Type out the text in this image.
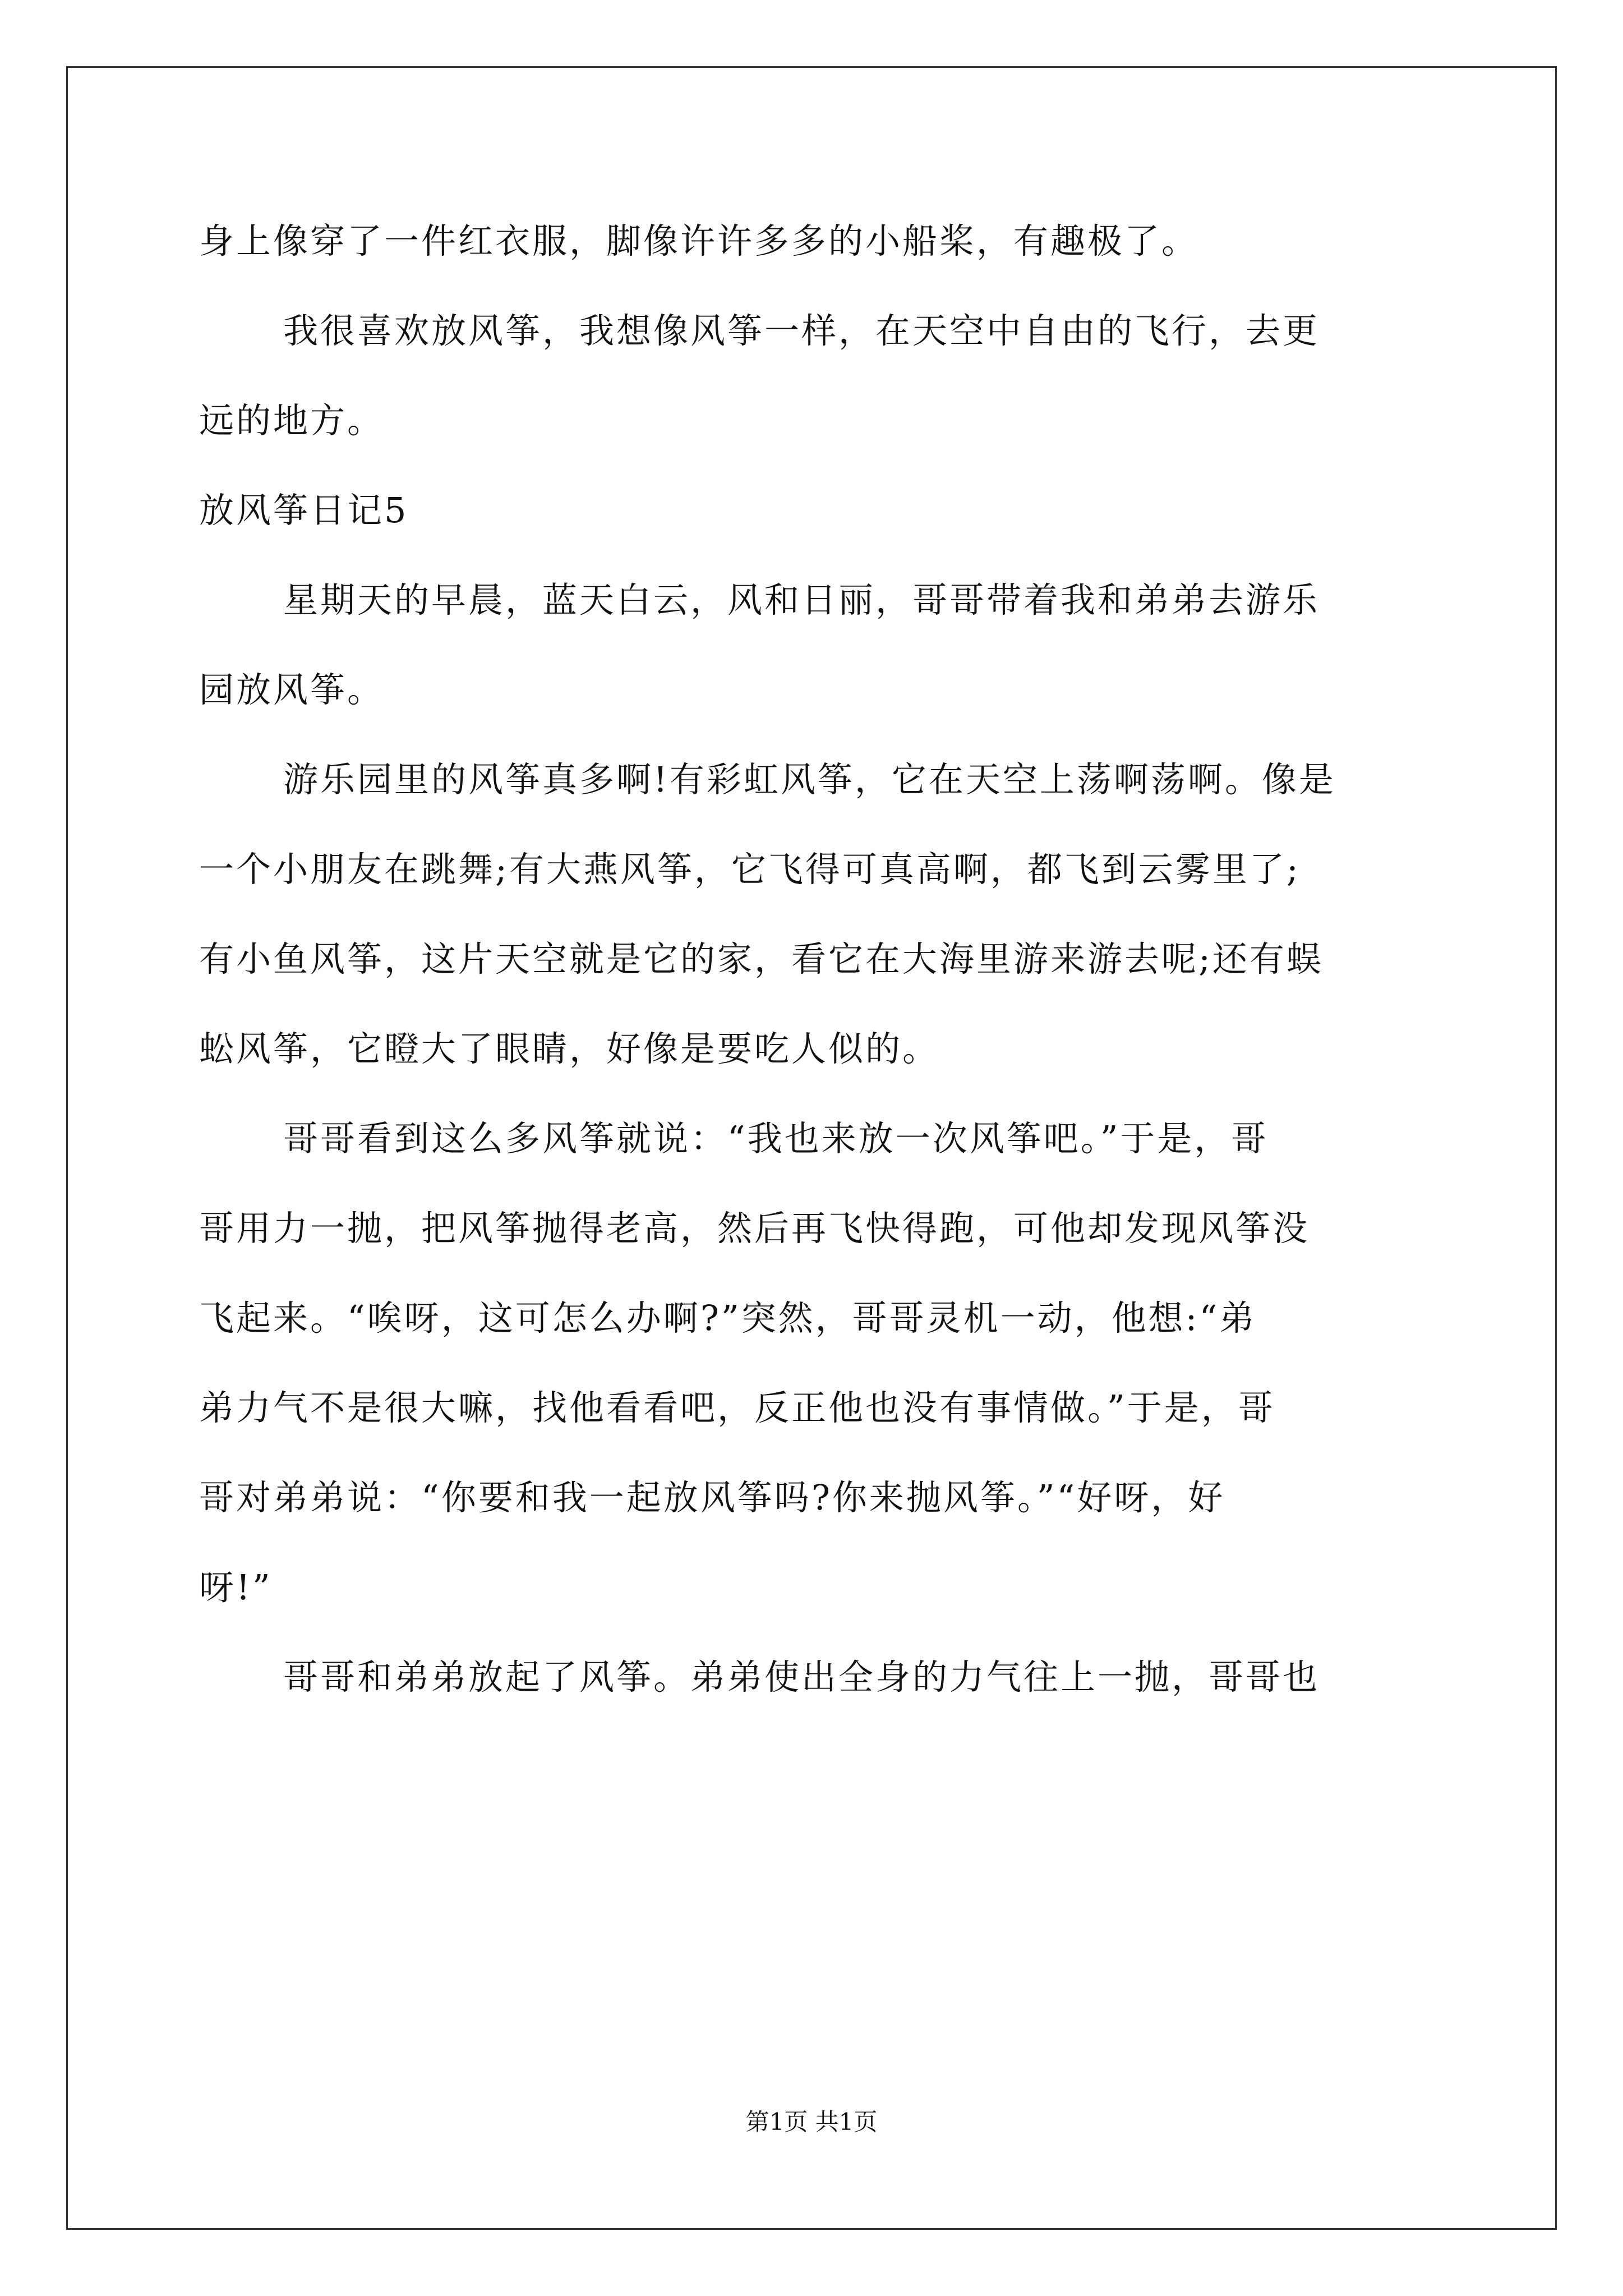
身上像穿了一件红衣服，脚像许许多多的小船桨，有趣极了。
我很喜欢放风筝，我想像风筝一样，在天空中自由的飞行，去更
远的地方。
放风筝日记5
星期天的早晨，蓝天白云，风和日丽，哥哥带着我和弟弟去游乐
园放风筝。
游乐园里的风筝真多啊!有彩虹风筝，它在天空上荡啊荡啊。像是
一个小朋友在跳舞;有大燕风筝，它飞得可真高啊，都飞到云雾里了;
有小鱼风筝，这片天空就是它的家，看它在大海里游来游去呢;还有蜈
蚣风筝，它瞪大了眼睛，好像是要吃人似的。
哥哥看到这么多风筝就说：“我也来放一次风筝吧。”于是，哥
哥用力一抛，把风筝抛得老高，然后再飞快得跑，可他却发现风筝没
飞起来。“唉呀，这可怎么办啊?”突然，哥哥灵机一动，他想:“弟
弟力气不是很大嘛，找他看看吧，反正他也没有事情做。”于是，哥
哥对弟弟说：“你要和我一起放风筝吗?你来抛风筝。”“好呀，好
呀!”
哥哥和弟弟放起了风筝。弟弟使出全身的力气往上一抛，哥哥也
第1页 共1页
